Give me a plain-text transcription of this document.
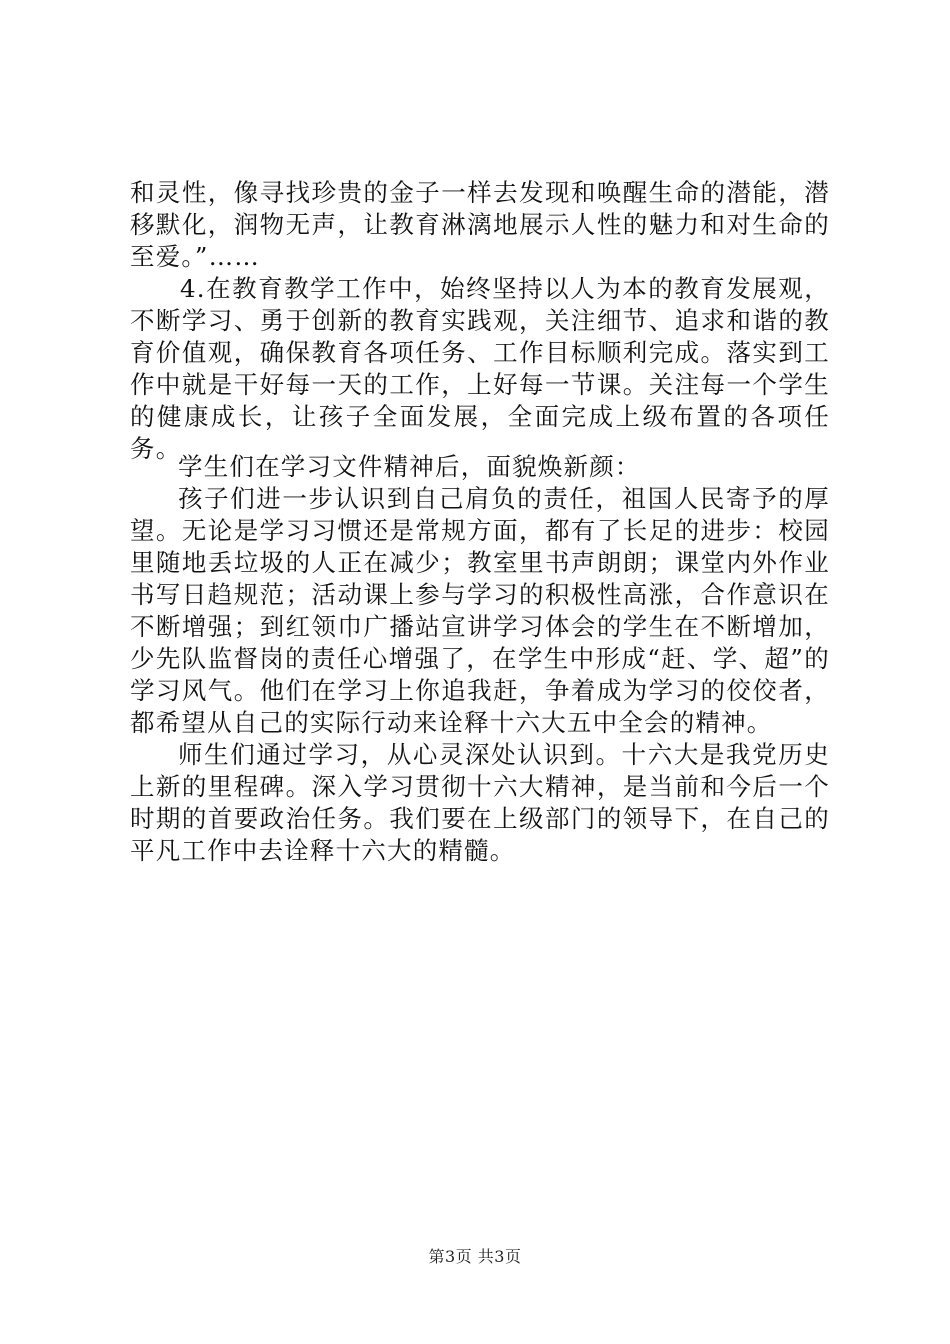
和灵性，像寻找珍贵的金子一样去发现和唤醒生命的潜能，潜移默化，润物无声，让教育淋漓地展示人性的魅力和对生命的至爱。”……

4.在教育教学工作中，始终坚持以人为本的教育发展观，不断学习、勇于创新的教育实践观，关注细节、追求和谐的教育价值观，确保教育各项任务、工作目标顺利完成。落实到工作中就是干好每一天的工作，上好每一节课。关注每一个学生的健康成长，让孩子全面发展，全面完成上级布置的各项任务。

学生们在学习文件精神后，面貌焕新颜：

孩子们进一步认识到自己肩负的责任，祖国人民寄予的厚望。无论是学习习惯还是常规方面，都有了长足的进步：校园里随地丢垃圾的人正在减少；教室里书声朗朗；课堂内外作业书写日趋规范；活动课上参与学习的积极性高涨，合作意识在不断增强；到红领巾广播站宣讲学习体会的学生在不断增加，少先队监督岗的责任心增强了，在学生中形成“赶、学、超”的学习风气。他们在学习上你追我赶，争着成为学习的佼佼者，都希望从自己的实际行动来诠释十六大五中全会的精神。

师生们通过学习，从心灵深处认识到。十六大是我党历史上新的里程碑。深入学习贯彻十六大精神，是当前和今后一个时期的首要政治任务。我们要在上级部门的领导下，在自己的平凡工作中去诠释十六大的精髓。

第3页 共3页
